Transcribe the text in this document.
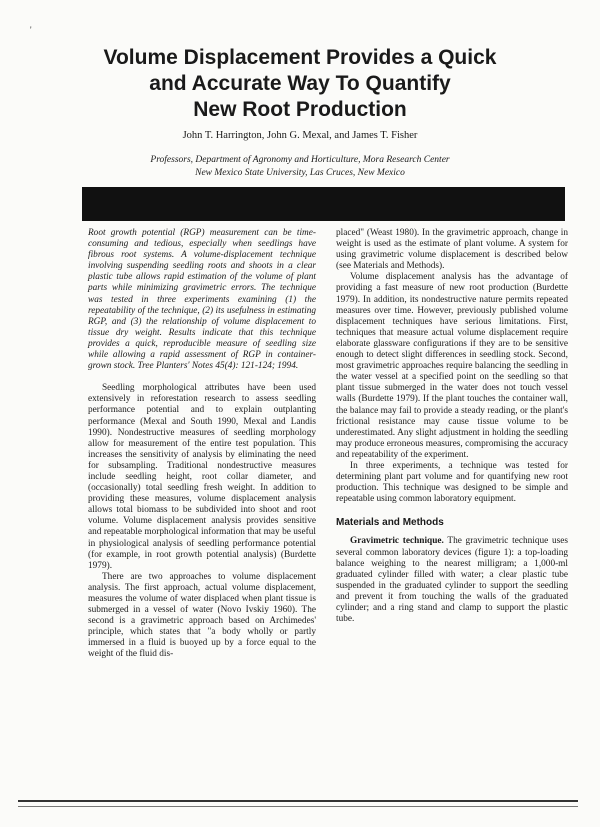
'
Volume Displacement Provides a Quick
and Accurate Way To Quantify
New Root Production
John T. Harrington, John G. Mexal, and James T. Fisher
Professors, Department of Agronomy and Horticulture, Mora Research Center
New Mexico State University, Las Cruces, New Mexico

Root growth potential (RGP) measurement can be time-consuming and tedious, especially when seedlings have fibrous root systems. A volume-displacement technique involving suspending seedling roots and shoots in a clear plastic tube allows rapid estimation of the volume of plant parts while minimizing gravimetric errors. The technique was tested in three experiments examining (1) the repeatability of the technique, (2) its usefulness in estimating RGP, and (3) the relationship of volume displacement to tissue dry weight. Results indicate that this technique provides a quick, reproducible measure of seedling size while allowing a rapid assessment of RGP in container-grown stock. Tree Planters' Notes 45(4): 121-124; 1994.

Seedling morphological attributes have been used extensively in reforestation research to assess seedling performance potential and to explain outplanting performance (Mexal and South 1990, Mexal and Landis 1990). Nondestructive measures of seedling morphology allow for measurement of the entire test population. This increases the sensitivity of analysis by eliminating the need for subsampling. Traditional nondestructive measures include seedling height, root collar diameter, and (occasionally) total seedling fresh weight. In addition to providing these measures, volume displacement analysis allows total biomass to be subdivided into shoot and root volume. Volume displacement analysis provides sensitive and repeatable morphological information that may be useful in physiological analysis of seedling performance potential (for example, in root growth potential analysis) (Burdette 1979).

There are two approaches to volume displacement analysis. The first approach, actual volume displacement, measures the volume of water displaced when plant tissue is submerged in a vessel of water (Novo Ivskiy 1960). The second is a gravimetric approach based on Archimedes' principle, which states that "a body wholly or partly immersed in a fluid is buoyed up by a force equal to the weight of the fluid dis-

placed" (Weast 1980). In the gravimetric approach, change in weight is used as the estimate of plant volume. A system for using gravimetric volume displacement is described below (see Materials and Methods).

Volume displacement analysis has the advantage of providing a fast measure of new root production (Burdette 1979). In addition, its nondestructive nature permits repeated measures over time. However, previously published volume displacement techniques have serious limitations. First, techniques that measure actual volume displacement require elaborate glassware configurations if they are to be sensitive enough to detect slight differences in seedling stock. Second, most gravimetric approaches require balancing the seedling in the water vessel at a specified point on the seedling so that plant tissue submerged in the water does not touch vessel walls (Burdette 1979). If the plant touches the container wall, the balance may fail to provide a steady reading, or the plant's frictional resistance may cause tissue volume to be underestimated. Any slight adjustment in holding the seedling may produce erroneous measures, compromising the accuracy and repeatability of the experiment.

In three experiments, a technique was tested for determining plant part volume and for quantifying new root production. This technique was designed to be simple and repeatable using common laboratory equipment.

Materials and Methods

Gravimetric technique. The gravimetric technique uses several common laboratory devices (figure 1): a top-loading balance weighing to the nearest milligram; a 1,000-ml graduated cylinder filled with water; a clear plastic tube suspended in the graduated cylinder to support the seedling and prevent it from touching the walls of the graduated cylinder; and a ring stand and clamp to support the plastic tube.
